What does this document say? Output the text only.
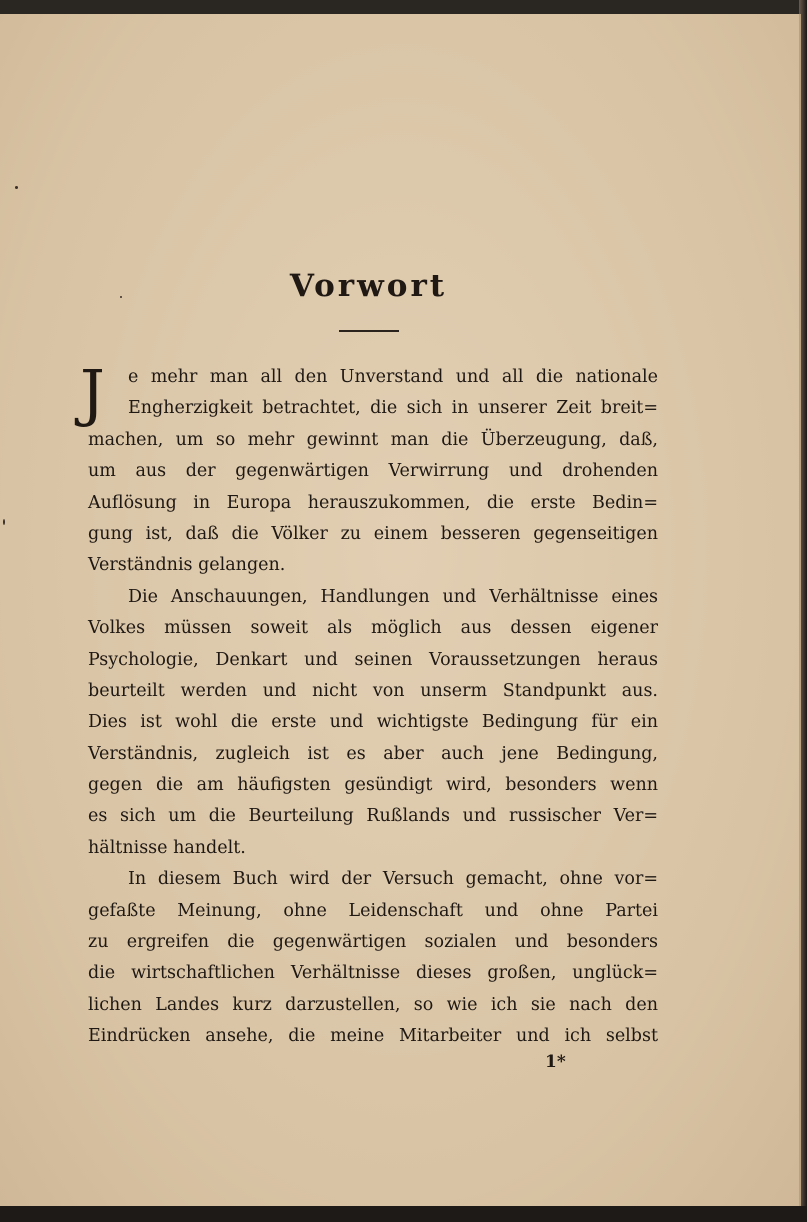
Vorwort
J	e mehr man all den Unverstand und all die nationale
Engherzigkeit betrachtet, die sich in unserer Zeit breit=
machen, um so mehr gewinnt man die Überzeugung, daß,
um aus der gegenwärtigen Verwirrung und drohenden
Auflösung in Europa herauszukommen, die erste Bedin=
gung ist, daß die Völker zu einem besseren gegenseitigen
Verständnis gelangen.
Die Anschauungen, Handlungen und Verhältnisse eines
Volkes müssen soweit als möglich aus dessen eigener
Psychologie, Denkart und seinen Voraussetzungen heraus
beurteilt werden und nicht von unserm Standpunkt aus.
Dies ist wohl die erste und wichtigste Bedingung für ein
Verständnis, zugleich ist es aber auch jene Bedingung,
gegen die am häufigsten gesündigt wird, besonders wenn
es sich um die Beurteilung Rußlands und russischer Ver=
hältnisse handelt.
In diesem Buch wird der Versuch gemacht, ohne vor=
gefaßte Meinung, ohne Leidenschaft und ohne Partei
zu ergreifen die gegenwärtigen sozialen und besonders
die wirtschaftlichen Verhältnisse dieses großen, unglück=
lichen Landes kurz darzustellen, so wie ich sie nach den
Eindrücken ansehe, die meine Mitarbeiter und ich selbst
1*
